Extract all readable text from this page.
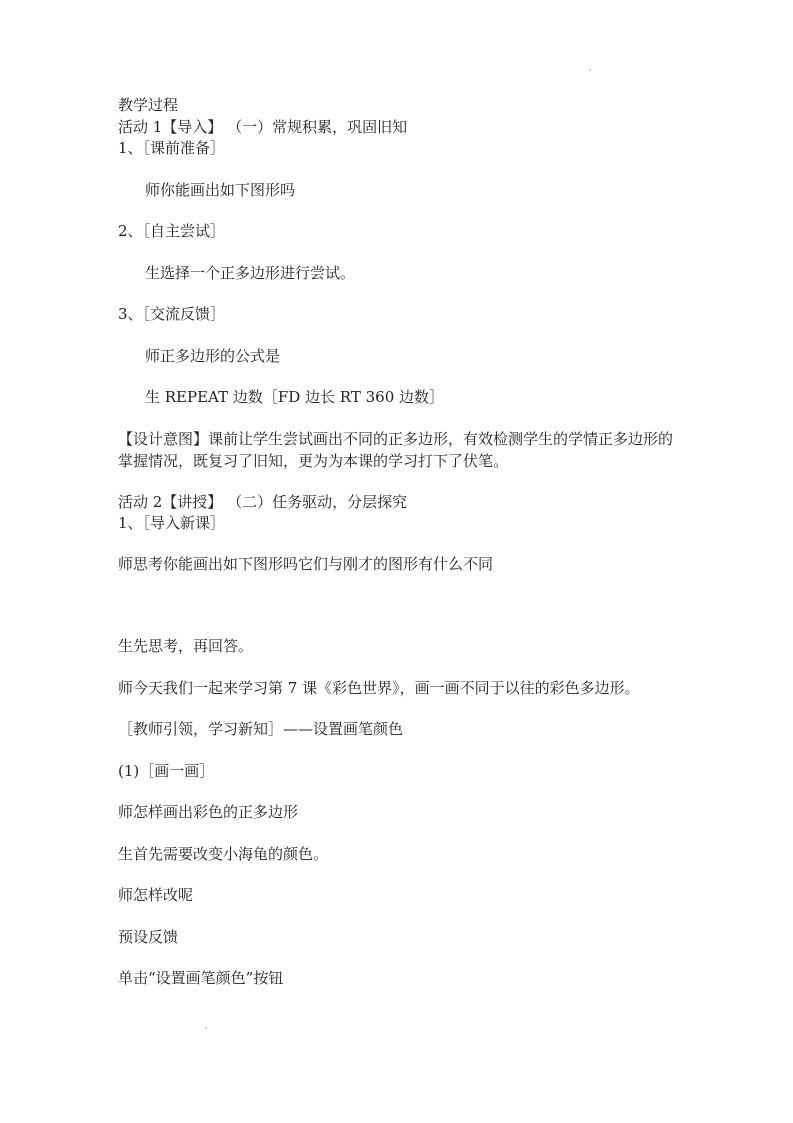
教学过程
活动 1【导入】 （一）常规积累，巩固旧知
1、［课前准备］
师你能画出如下图形吗
2、［自主尝试］
生选择一个正多边形进行尝试。
3、［交流反馈］
师正多边形的公式是
生 REPEAT 边数［FD 边长 RT 360 边数］
【设计意图】课前让学生尝试画出不同的正多边形，有效检测学生的学情正多边形的掌握情况，既复习了旧知，更为为本课的学习打下了伏笔。
活动 2【讲授】 （二）任务驱动，分层探究
1、［导入新课］
师思考你能画出如下图形吗它们与刚才的图形有什么不同
生先思考，再回答。
师今天我们一起来学习第 7 课《彩色世界》，画一画不同于以往的彩色多边形。
［教师引领，学习新知］——设置画笔颜色
(1)［画一画］
师怎样画出彩色的正多边形
生首先需要改变小海龟的颜色。
师怎样改呢
预设反馈
单击“设置画笔颜色”按钮
